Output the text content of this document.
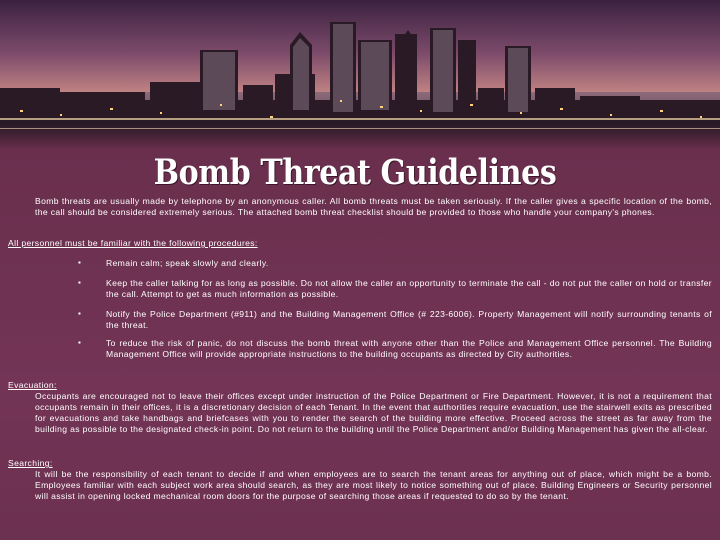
Bomb Threat Guidelines
Bomb threats are usually made by telephone by an anonymous caller. All bomb threats must be taken seriously. If the caller gives a specific location of the bomb, the call should be considered extremely serious. The attached bomb threat checklist should be provided to those who handle your company's phones.
All personnel must be familiar with the following procedures:
▪	Remain calm; speak slowly and clearly.
▪	Keep the caller talking for as long as possible. Do not allow the caller an opportunity to terminate the call - do not put the caller on hold or transfer the call. Attempt to get as much information as possible.
▪	Notify the Police Department (#911) and the Building Management Office (# 223-6006). Property Management will notify surrounding tenants of the threat.
▪	To reduce the risk of panic, do not discuss the bomb threat with anyone other than the Police and Management Office personnel. The Building Management Office will provide appropriate instructions to the building occupants as directed by City authorities.
Evacuation:
Occupants are encouraged not to leave their offices except under instruction of the Police Department or Fire Department. However, it is not a requirement that occupants remain in their offices, it is a discretionary decision of each Tenant. In the event that authorities require evacuation, use the stairwell exits as prescribed for evacuations and take handbags and briefcases with you to render the search of the building more effective. Proceed across the street as far away from the building as possible to the designated check-in point. Do not return to the building until the Police Department and/or Building Management has given the all-clear.
Searching:
It will be the responsibility of each tenant to decide if and when employees are to search the tenant areas for anything out of place, which might be a bomb. Employees familiar with each subject work area should search, as they are most likely to notice something out of place. Building Engineers or Security personnel will assist in opening locked mechanical room doors for the purpose of searching those areas if requested to do so by the tenant.
